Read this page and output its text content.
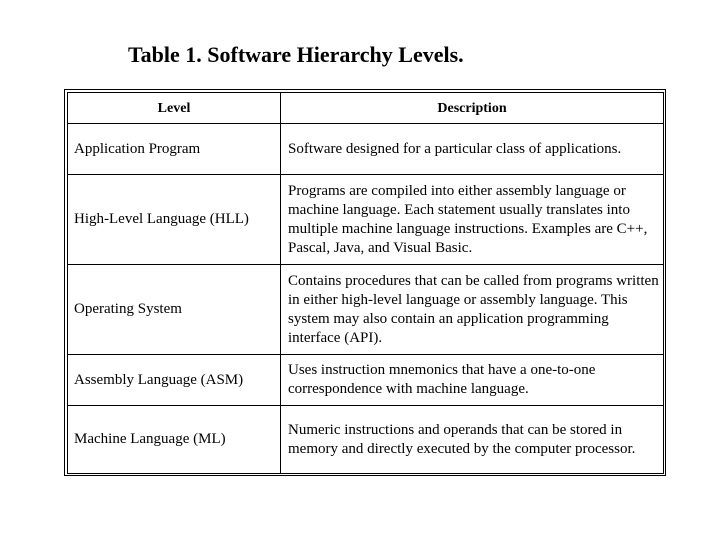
Table 1. Software Hierarchy Levels.
Level	Description
Application Program	Software designed for a particular class of applications.
High-Level Language (HLL)	Programs are compiled into either assembly language or machine language. Each statement usually translates into multiple machine language instructions. Examples are C++, Pascal, Java, and Visual Basic.
Operating System	Contains procedures that can be called from programs written in either high-level language or assembly language. This system may also contain an application programming interface (API).
Assembly Language (ASM)	Uses instruction mnemonics that have a one-to-one correspondence with machine language.
Machine Language (ML)	Numeric instructions and operands that can be stored in memory and directly executed by the computer processor.
